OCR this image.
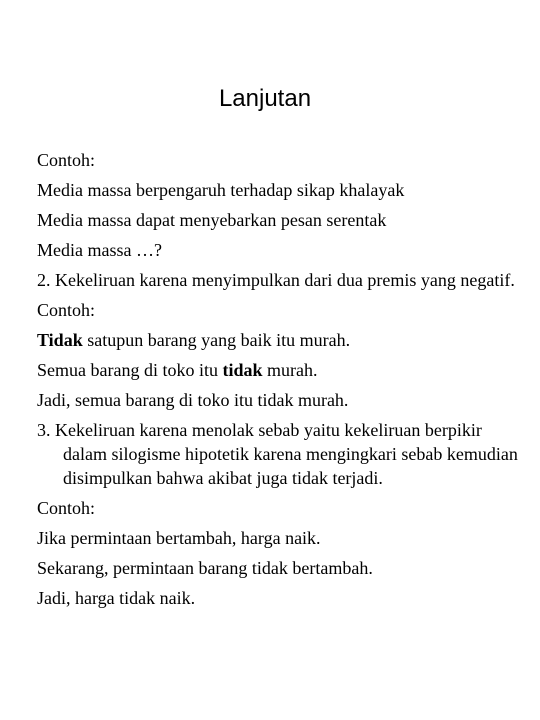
Lanjutan

Contoh:

Media massa berpengaruh terhadap sikap khalayak

Media massa dapat menyebarkan pesan serentak

Media massa …?

2. Kekeliruan karena menyimpulkan dari dua premis yang negatif.

Contoh:

Tidak satupun barang yang baik itu murah.

Semua barang di toko itu tidak murah.

Jadi, semua barang di toko itu tidak murah.

3. Kekeliruan karena menolak sebab yaitu kekeliruan berpikir dalam silogisme hipotetik karena mengingkari sebab kemudian disimpulkan bahwa akibat juga tidak terjadi.

Contoh:

Jika permintaan bertambah, harga naik.

Sekarang, permintaan barang tidak bertambah.

Jadi, harga tidak naik.
